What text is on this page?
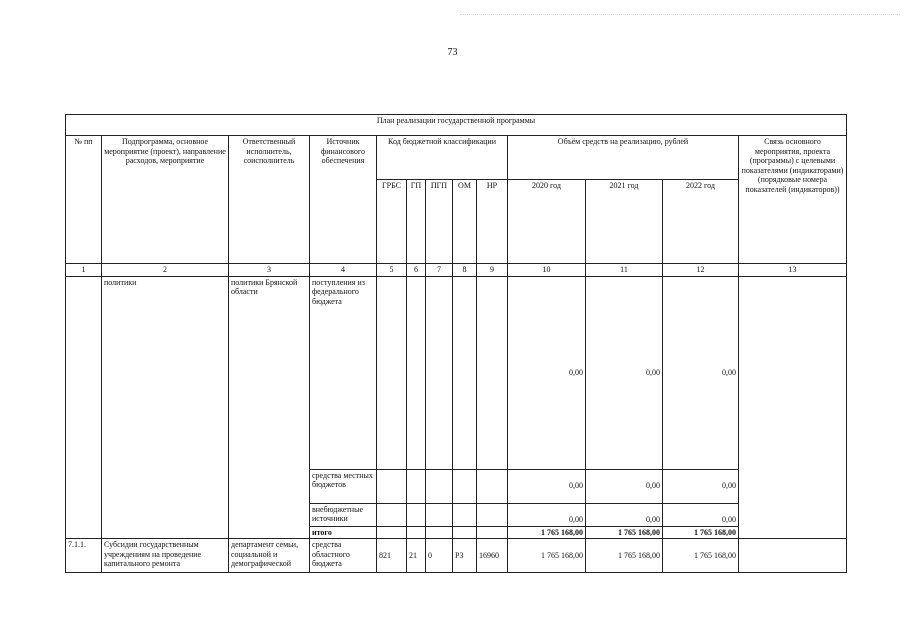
73
План реализации государственной программы												
№ пп	Подпрограмма, основное мероприятие (проект), направление расходов, мероприятие	Ответственный исполнитель, соисполнитель	Источник финансового обеспечения	Код бюджетной классификации					Объём средств на реализацию, рублей			Связь основного мероприятия, проекта (программы) с целевыми показателями (индикаторами) (порядковые номера показателей (индикаторов))
				ГРБС	ГП	ПГП	ОМ	НР	2020 год	2021 год	2022 год	
1	2	3	4	5	6	7	8	9	10	11	12	13
	политики	политики Брянской области	поступления из федерального бюджета						0,00	0,00	0,00	
			средства местных бюджетов						0,00	0,00	0,00	
			внебюджетные источники						0,00	0,00	0,00	
			итого						1 765 168,00	1 765 168,00	1 765 168,00	
7.1.1.	Субсидии государственным учреждениям на проведение капитального ремонта	департамент семьи, социальной и демографической	средства областного бюджета	821	21	0	Р3	16960	1 765 168,00	1 765 168,00	1 765 168,00	
